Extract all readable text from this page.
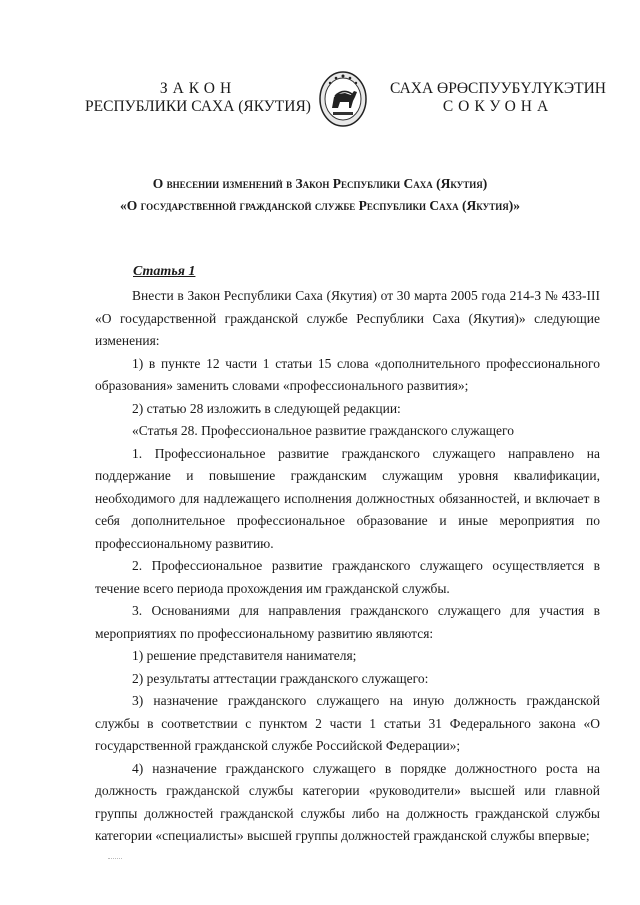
ЗАКОН
РЕСПУБЛИКИ САХА (ЯКУТИЯ)
САХА ӨРӨСПУУБҮЛҮКЭТИН
СОКУОНА
О внесении изменений в Закон Республики Саха (Якутия)
«О государственной гражданской службе Республики Саха (Якутия)»
Статья 1

Внести в Закон Республики Саха (Якутия) от 30 марта 2005 года 214-З № 433-III «О государственной гражданской службе Республики Саха (Якутия)» следующие изменения:

1) в пункте 12 части 1 статьи 15 слова «дополнительного профессионального образования» заменить словами «профессионального развития»;

2) статью 28 изложить в следующей редакции:

«Статья 28. Профессиональное развитие гражданского служащего

1. Профессиональное развитие гражданского служащего направлено на поддержание и повышение гражданским служащим уровня квалификации, необходимого для надлежащего исполнения должностных обязанностей, и включает в себя дополнительное профессиональное образование и иные мероприятия по профессиональному развитию.

2. Профессиональное развитие гражданского служащего осуществляется в течение всего периода прохождения им гражданской службы.

3. Основаниями для направления гражданского служащего для участия в мероприятиях по профессиональному развитию являются:

1) решение представителя нанимателя;

2) результаты аттестации гражданского служащего:

3) назначение гражданского служащего на иную должность гражданской службы в соответствии с пунктом 2 части 1 статьи 31 Федерального закона «О государственной гражданской службе Российской Федерации»;

4) назначение гражданского служащего в порядке должностного роста на должность гражданской службы категории «руководители» высшей или главной группы должностей гражданской службы либо на должность гражданской службы категории «специалисты» высшей группы должностей гражданской службы впервые;
